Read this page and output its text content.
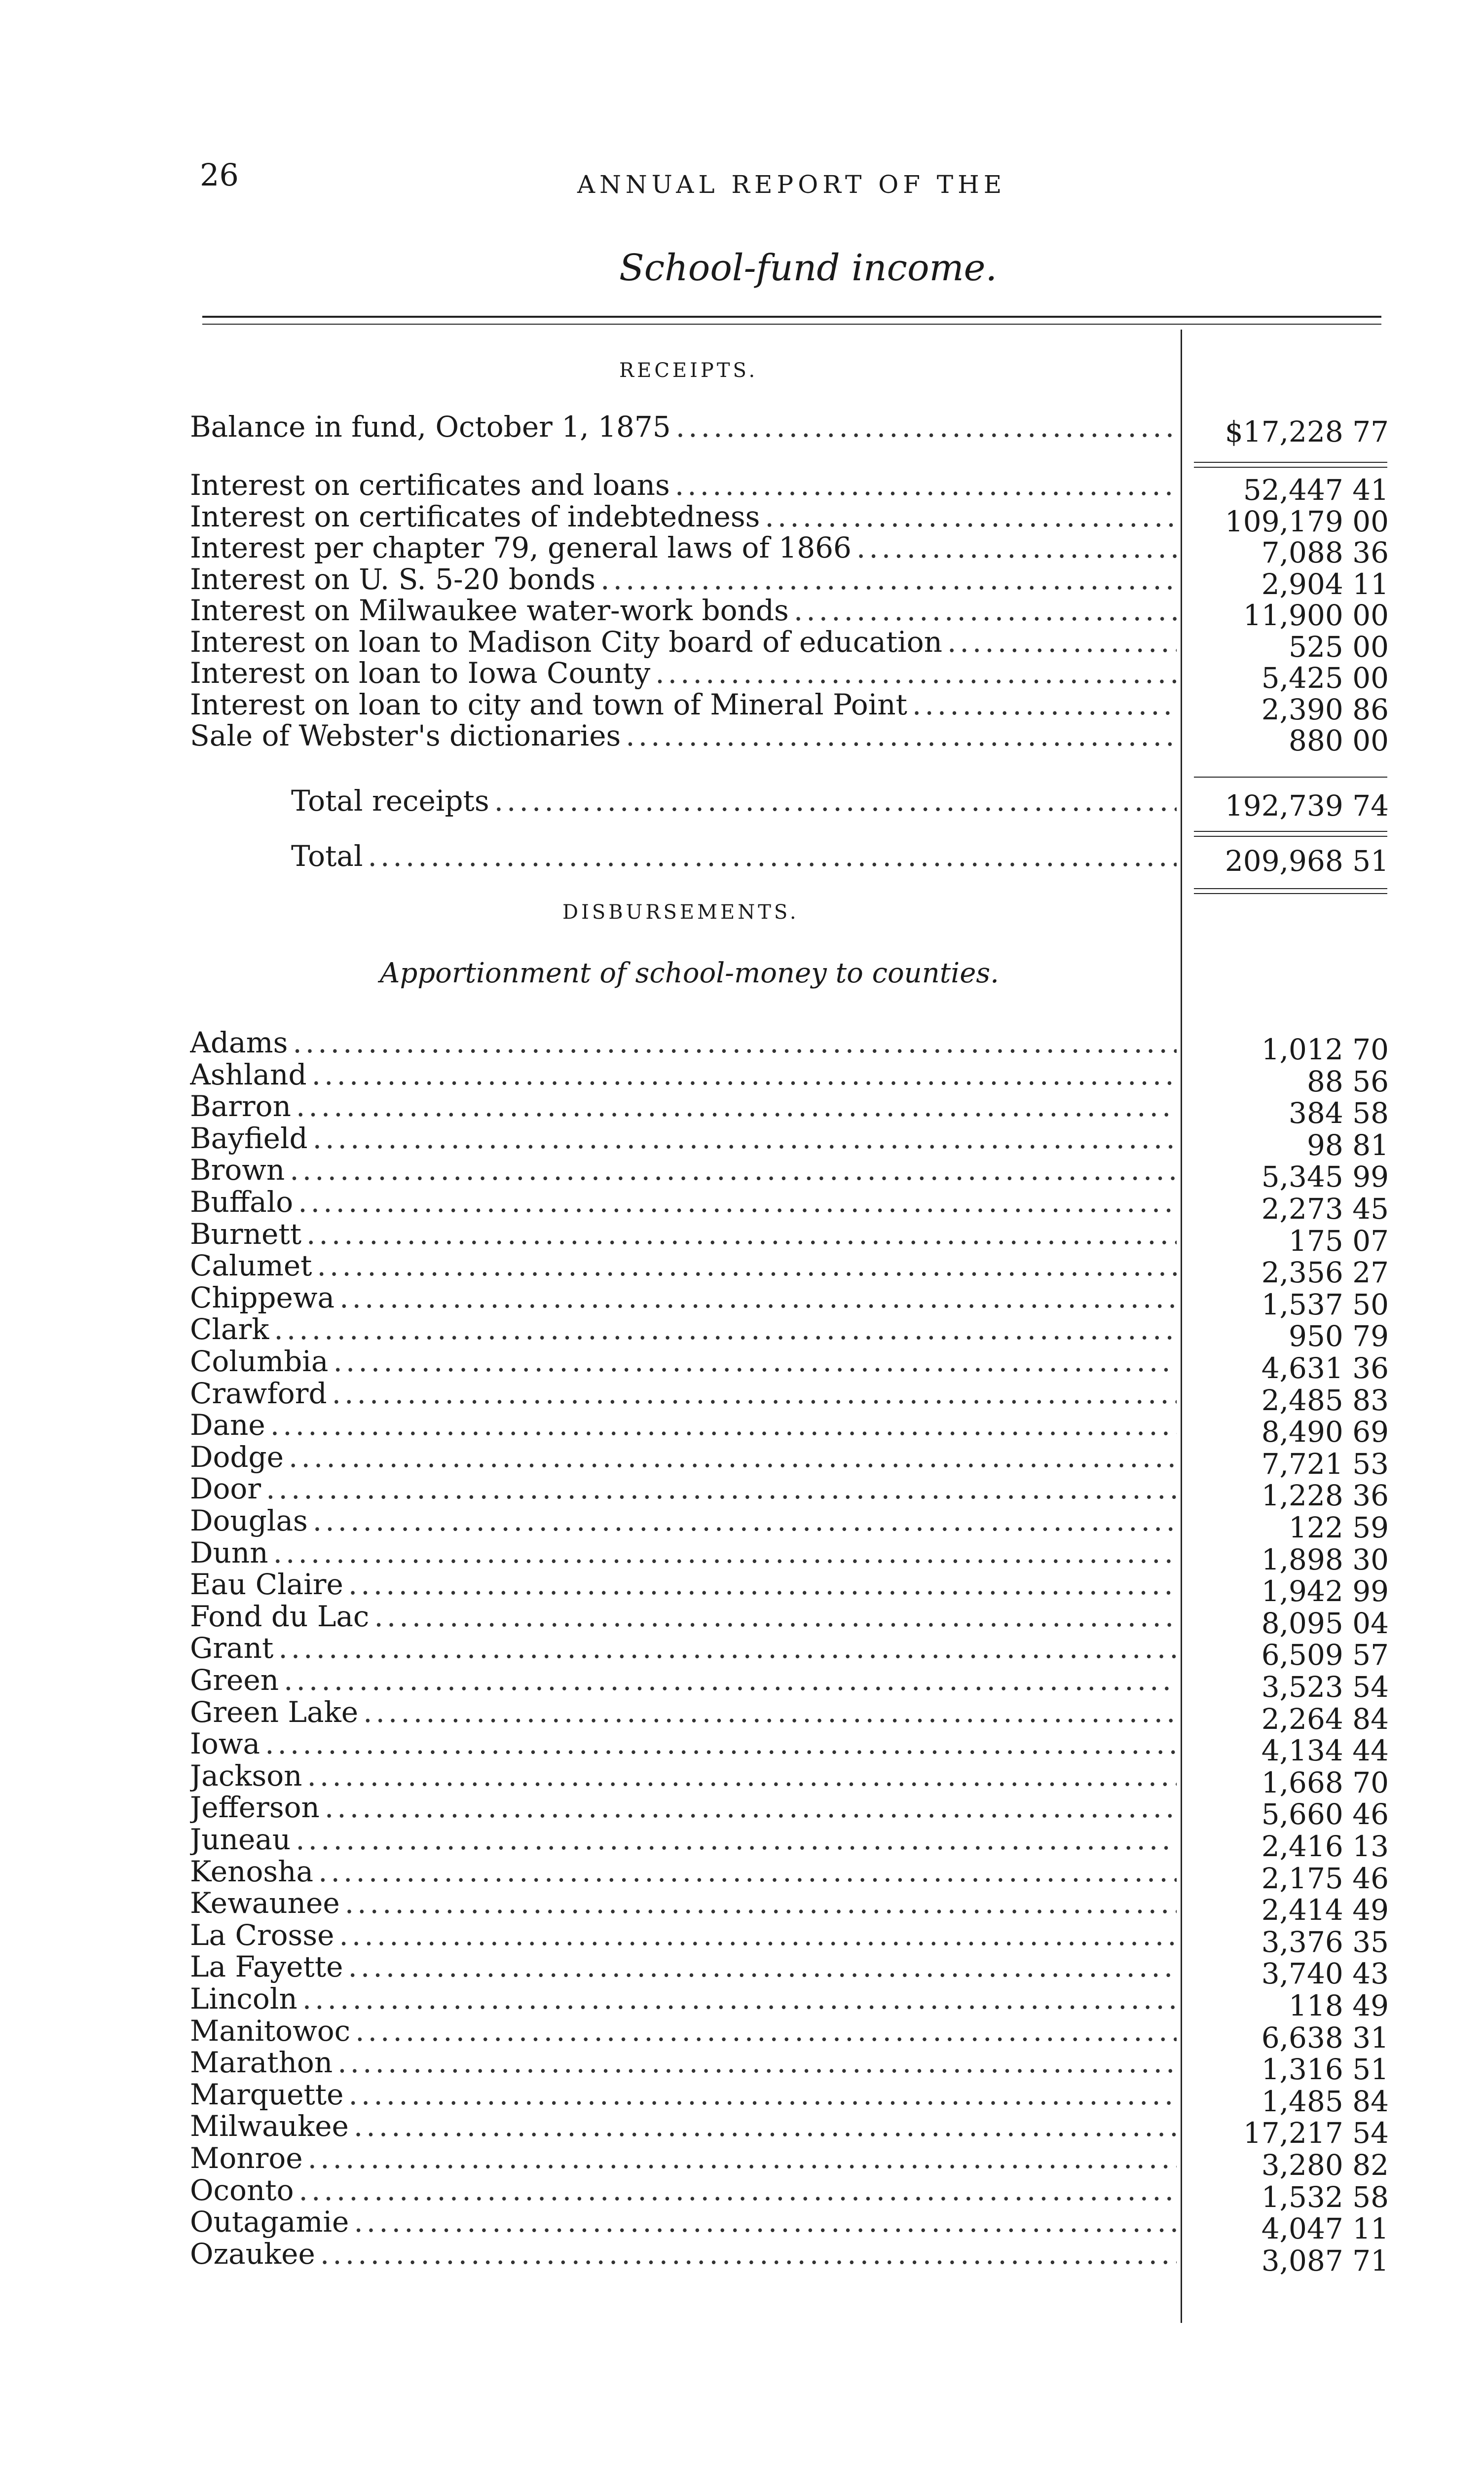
26	ANNUAL REPORT OF THE
School-fund income.
RECEIPTS.
Balance in fund, October 1, 1875 .....	$17,228 77
Interest on certificates and loans .....	52,447 41
Interest on certificates of indebtedness .....	109,179 00
Interest per chapter 79, general laws of 1866 .....	7,088 36
Interest on U. S. 5-20 bonds .....	2,904 11
Interest on Milwaukee water-work bonds .....	11,900 00
Interest on loan to Madison City board of education .....	525 00
Interest on loan to Iowa County .....	5,425 00
Interest on loan to city and town of Mineral Point .....	2,390 86
Sale of Webster's dictionaries .....	880 00
Total receipts .....	192,739 74
Total .....	209,968 51
DISBURSEMENTS.
Apportionment of school-money to counties.
Adams .....	1,012 70
Ashland .....	88 56
Barron .....	384 58
Bayfield .....	98 81
Brown .....	5,345 99
Buffalo .....	2,273 45
Burnett .....	175 07
Calumet .....	2,356 27
Chippewa .....	1,537 50
Clark .....	950 79
Columbia .....	4,631 36
Crawford .....	2,485 83
Dane .....	8,490 69
Dodge .....	7,721 53
Door .....	1,228 36
Douglas .....	122 59
Dunn .....	1,898 30
Eau Claire .....	1,942 99
Fond du Lac .....	8,095 04
Grant .....	6,509 57
Green .....	3,523 54
Green Lake .....	2,264 84
Iowa .....	4,134 44
Jackson .....	1,668 70
Jefferson .....	5,660 46
Juneau .....	2,416 13
Kenosha .....	2,175 46
Kewaunee .....	2,414 49
La Crosse .....	3,376 35
La Fayette .....	3,740 43
Lincoln .....	118 49
Manitowoc .....	6,638 31
Marathon .....	1,316 51
Marquette .....	1,485 84
Milwaukee .....	17,217 54
Monroe .....	3,280 82
Oconto .....	1,532 58
Outagamie .....	4,047 11
Ozaukee .....	3,087 71
